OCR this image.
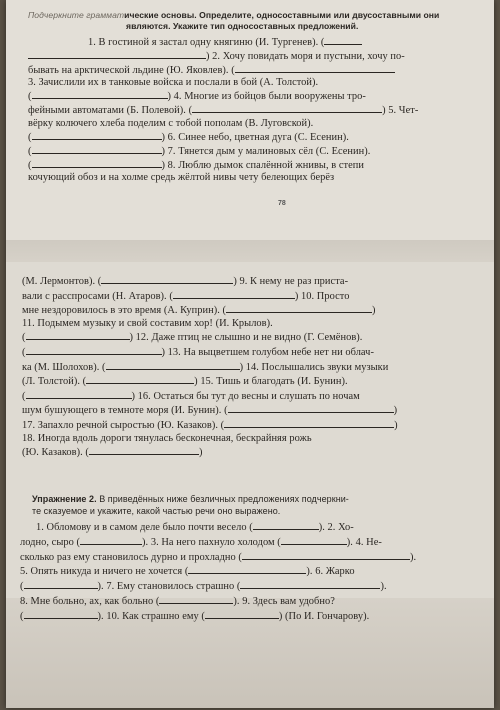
Подчеркните грамматические основы. Определите, односоставными или двусоставными они
являются. Укажите тип односоставных предложений.
1. В гостиной я застал одну княгиню (И. Тургенев). (
) 2. Хочу повидать моря и пустыни, хочу по-
бывать на арктической льдине (Ю. Яковлев). (
3. Зачислили их в танковые войска и послали в бой (А. Толстой).
(	) 4. Многие из бойцов были вооружены тро-
фейными автоматами (Б. Полевой). (	) 5. Чет-
вёрку колючего хлеба поделим с тобой пополам (В. Луговской).
(	) 6. Синее небо, цветная дуга (С. Есенин).
(	) 7. Тянется дым у малиновых сёл (С. Есенин).
(	) 8. Люблю дымок спалённой жнивы, в степи
кочующий обоз и на холме средь жёлтой нивы чету белеющих берёз
78
(М. Лермонтов). (	) 9. К нему не раз приста-
вали с расспросами (Н. Атаров). (	) 10. Просто
мне нездоровилось в это время (А. Куприн). (	)
11. Подымем музыку и свой составим хор! (И. Крылов).
(	) 12. Даже птиц не слышно и не видно (Г. Семёнов).
(	) 13. На выцветшем голубом небе нет ни облач-
ка (М. Шолохов). (	) 14. Послышались звуки музыки
(Л. Толстой). (	) 15. Тишь и благодать (И. Бунин).
(	) 16. Остаться бы тут до весны и слушать по ночам
шум бушующего в темноте моря (И. Бунин). (	)
17. Запахло речной сыростью (Ю. Казаков). (	)
18. Иногда вдоль дороги тянулась бесконечная, бескрайняя рожь
(Ю. Казаков). (	)
Упражнение 2. В приведённых ниже безличных предложениях подчеркни-
те сказуемое и укажите, какой частью речи оно выражено.
1. Обломову и в самом деле было почти весело (	). 2. Хо-
лодно, сыро (	). 3. На него пахнуло холодом (	). 4. Не-
сколько раз ему становилось дурно и прохладно (	).
5. Опять никуда и ничего не хочется (	). 6. Жарко
(	). 7. Ему становилось страшно (	).
8. Мне больно, ах, как больно (	). 9. Здесь вам удобно?
(	). 10. Как страшно ему (	) (По И. Гончарову).
